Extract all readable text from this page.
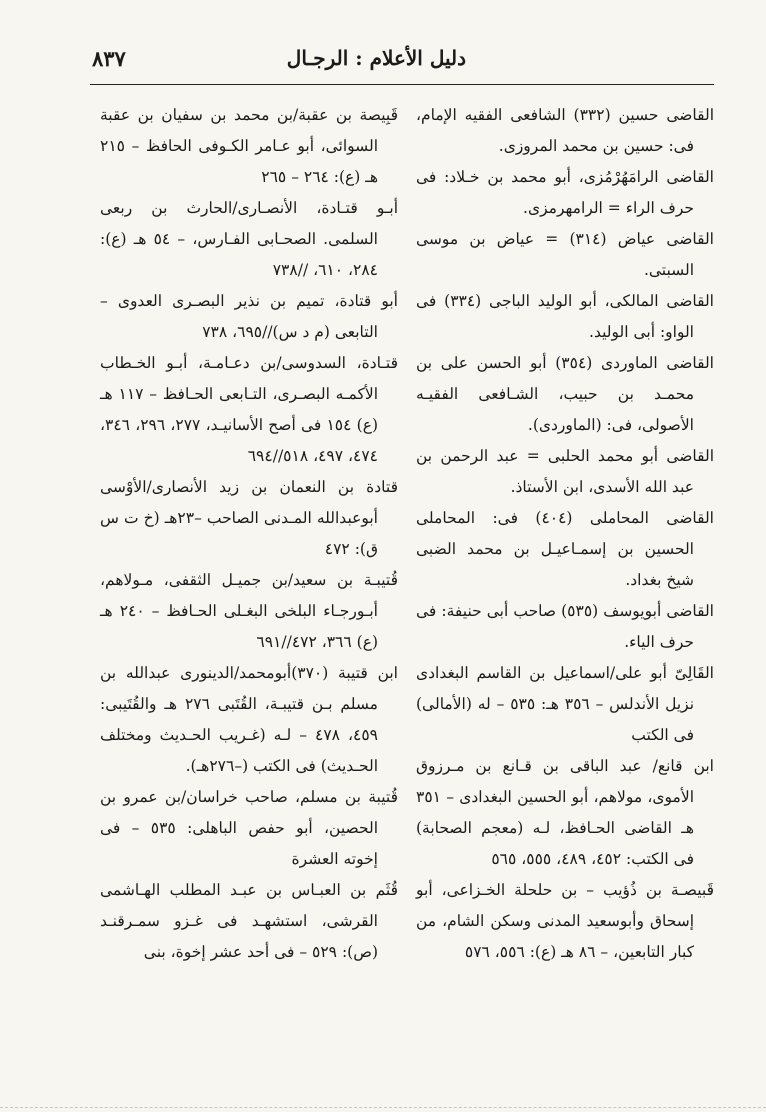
٨٣٧	دليل الأعلام : الرجـال

القاضى حسين (٣٣٢) الشافعى الفقيه الإمام، فى: حسين بن محمد المروزى.

القاضى الرامَهُرْمُزى، أبو محمد بن خـلاد: فى حرف الراء = الرامهرمزى.

القاضى عياض (٣١٤) = عياض بن موسى السبتى.

القاضى المالكى، أبو الوليد الباجى (٣٣٤) فى الواو: أبى الوليد.

القاضى الماوردى (٣٥٤) أبو الحسن على بن محمـد بن حبيب، الشـافعى الفقيـه الأصولى، فى: (الماوردى).

القاضى أبو محمد الحلبى = عبد الرحمن بن عبد الله الأسدى، ابن الأستاذ.

القاضى المحاملى (٤٠٤) فى: المحاملى الحسين بن إسمـاعيـل بن محمد الضبى شيخ بغداد.

القاضى أبويوسف (٥٣٥) صاحب أبى حنيفة: فى حرف الياء.

القَالِىّ أبو على/اسماعيل بن القاسم البغدادى نزيل الأندلس – ٣٥٦ هـ: ٥٣٥ – له (الأمالى) فى الكتب

ابن قانع/ عبد الباقى بن قـانع بن مـرزوق الأموى، مولاهم، أبو الحسين البغدادى – ٣٥١ هـ القاضى الحـافظ، لـه (معجم الصحابة) فى الكتب: ٤٥٢، ٤٨٩، ٥٥٥، ٥٦٥

قَبيصـة بن ذُؤيب – بن حلحلة الخـزاعى، أبو إسحاق وأبوسعيد المدنى وسكن الشام، من كبار التابعين، – ٨٦ هـ (ع): ٥٥٦، ٥٧٦

قَبِيصة بن عقبة/بن محمد بن سفيان بن عقبة السوائى، أبو عـامر الكـوفى الحافظ – ٢١٥ هـ (ع): ٢٦٤ – ٢٦٥

أبـو قتـادة، الأنصـارى/الحارث بن ربعى السلمى. الصحـابى الفـارس، – ٥٤ هـ (ع): ٢٨٤، ٦١٠، //٧٣٨

أبو قتادة، تميم بن نذير البصـرى العدوى – التابعى (م د س)//٦٩٥، ٧٣٨

قتـادة، السدوسى/بن دعـامـة، أبـو الخـطاب الأكمـه البصـرى، التـابعى الحـافظ – ١١٧ هـ (ع) ١٥٤ فى أصح الأسانيـد، ٢٧٧، ٢٩٦، ٣٤٦، ٤٧٤، ٤٩٧، ٥١٨//٦٩٤

قتادة بن النعمان بن زيد الأنصارى/الأوْسى أبوعبدالله المـدنى الصاحب –٢٣هـ (خ ت س ق): ٤٧٢

قُتيبـة بن سعيد/بن جميـل الثقفى، مـولاهم، أبـورجـاء البلخى البغـلى الحـافظ – ٢٤٠ هـ (ع) ٣٦٦، ٤٧٢//٦٩١

ابن قتيبة (٣٧٠)أبومحمد/الدينورى عبدالله بن مسلم بـن قتيبـة، القُتَبى ٢٧٦ هـ والقُتَيبى: ٤٥٩، ٤٧٨ – لـه (غـريب الحـديث ومختلف الحـديث) فى الكتب (–٢٧٦هـ).

قُتيبة بن مسلم، صاحب خراسان/بن عمرو بن الحصين، أبو حفص الباهلى: ٥٣٥ – فى إخوته العشرة

قُثَم بن العبـاس بن عبـد المطلب الهـاشمى القرشى، استشهـد فى غـزو سمـرقنـد (ص): ٥٢٩ – فى أحد عشر إخوة، بنى
